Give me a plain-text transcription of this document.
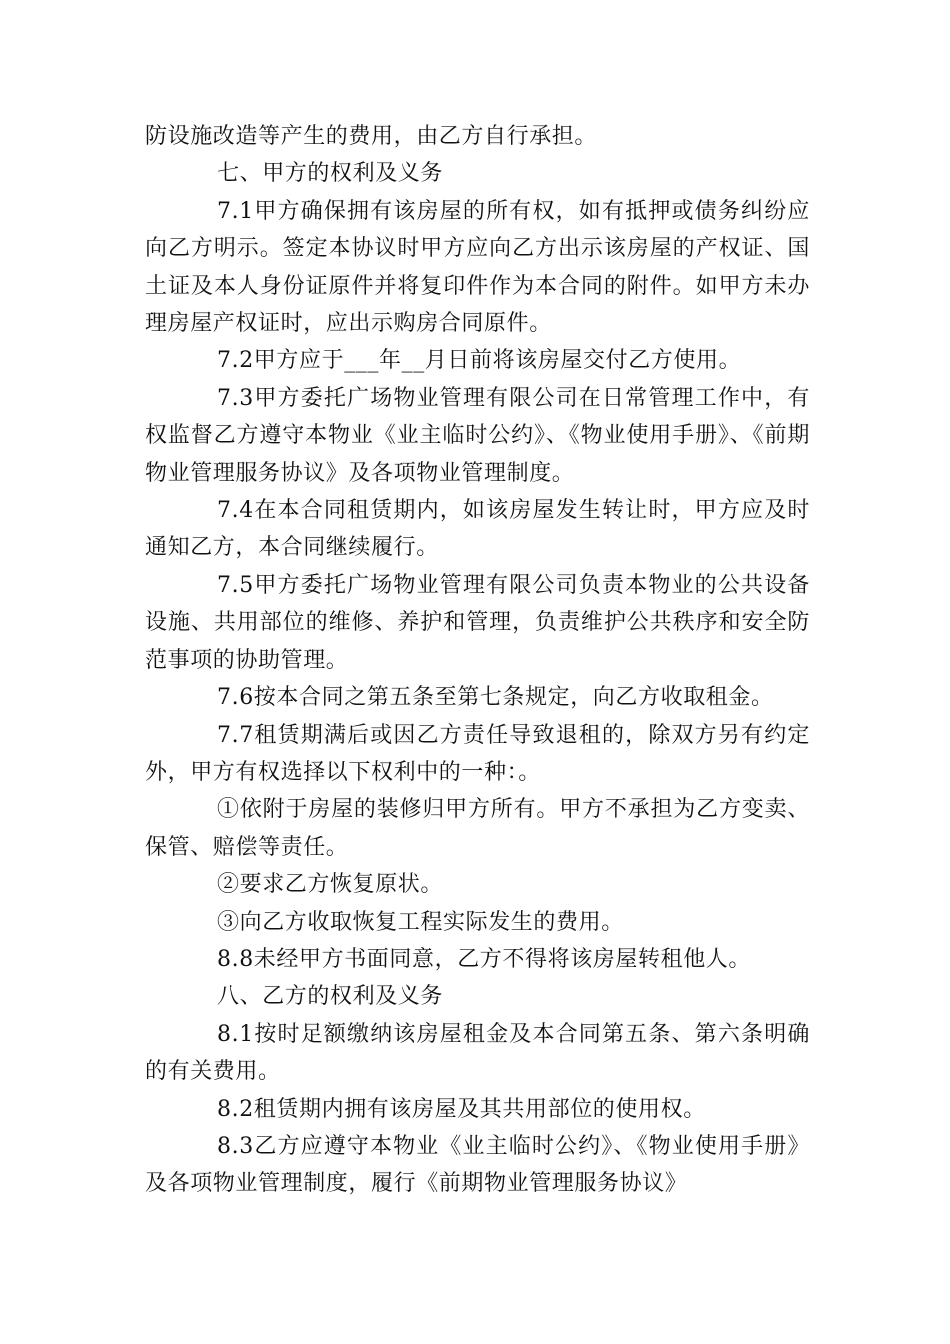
防设施改造等产生的费用，由乙方自行承担。

七、甲方的权利及义务

7.1甲方确保拥有该房屋的所有权，如有抵押或债务纠纷应向乙方明示。签定本协议时甲方应向乙方出示该房屋的产权证、国土证及本人身份证原件并将复印件作为本合同的附件。如甲方未办理房屋产权证时，应出示购房合同原件。

7.2甲方应于___年__月日前将该房屋交付乙方使用。

7.3甲方委托广场物业管理有限公司在日常管理工作中，有权监督乙方遵守本物业《业主临时公约》、《物业使用手册》、《前期物业管理服务协议》及各项物业管理制度。

7.4在本合同租赁期内，如该房屋发生转让时，甲方应及时通知乙方，本合同继续履行。

7.5甲方委托广场物业管理有限公司负责本物业的公共设备设施、共用部位的维修、养护和管理，负责维护公共秩序和安全防范事项的协助管理。

7.6按本合同之第五条至第七条规定，向乙方收取租金。

7.7租赁期满后或因乙方责任导致退租的，除双方另有约定外，甲方有权选择以下权利中的一种：。

①依附于房屋的装修归甲方所有。甲方不承担为乙方变卖、保管、赔偿等责任。

②要求乙方恢复原状。

③向乙方收取恢复工程实际发生的费用。

8.8未经甲方书面同意，乙方不得将该房屋转租他人。

八、乙方的权利及义务

8.1按时足额缴纳该房屋租金及本合同第五条、第六条明确的有关费用。

8.2租赁期内拥有该房屋及其共用部位的使用权。

8.3乙方应遵守本物业《业主临时公约》、《物业使用手册》及各项物业管理制度，履行《前期物业管理服务协议》
